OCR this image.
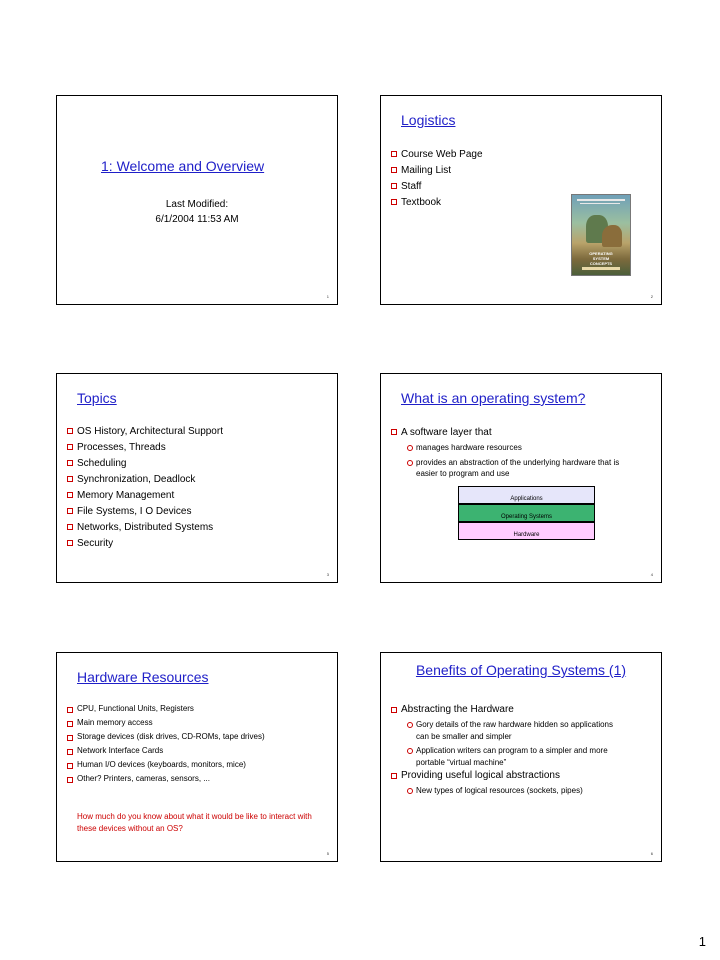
1: Welcome and Overview
Last Modified:
6/1/2004 11:53 AM
1
Logistics
Course Web Page
Mailing List
Staff
Textbook
OPERATING
SYSTEM
CONCEPTS
2
Topics
OS History, Architectural Support
Processes, Threads
Scheduling
Synchronization, Deadlock
Memory Management
File Systems, I O Devices
Networks, Distributed Systems
Security
3
What is an operating system?
A software layer that
manages hardware resources
provides an abstraction of the underlying hardware that is easier to program and use
Applications
Operating Systems
Hardware
4
Hardware Resources
CPU, Functional Units, Registers
Main memory access
Storage devices (disk drives, CD-ROMs, tape drives)
Network Interface Cards
Human I/O devices (keyboards, monitors, mice)
Other? Printers, cameras, sensors, ...
How much do you know about what it would be like to interact with these devices without an OS?
5
Benefits of Operating Systems (1)
Abstracting the Hardware
Gory details of the raw hardware hidden so applications can be smaller and simpler
Application writers can program to a simpler and more portable “virtual machine”
Providing useful logical abstractions
New types of logical resources (sockets, pipes)
6
1
